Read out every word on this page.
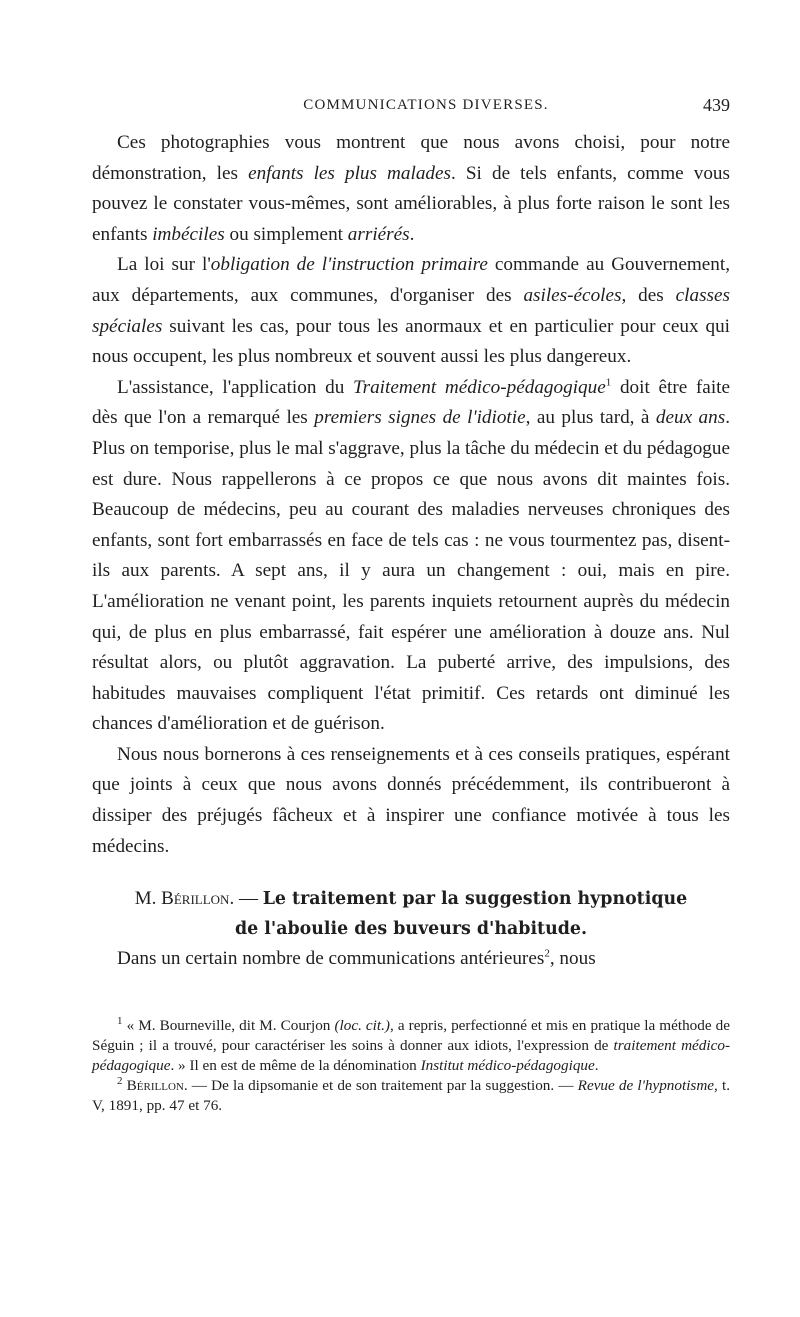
COMMUNICATIONS DIVERSES.	439

Ces photographies vous montrent que nous avons choisi, pour notre démonstration, les enfants les plus malades. Si de tels enfants, comme vous pouvez le constater vous-mêmes, sont améliorables, à plus forte raison le sont les enfants imbéciles ou simplement arriérés.

La loi sur l'obligation de l'instruction primaire commande au Gouvernement, aux départements, aux communes, d'organiser des asiles-écoles, des classes spéciales suivant les cas, pour tous les anormaux et en particulier pour ceux qui nous occupent, les plus nombreux et souvent aussi les plus dangereux.

L'assistance, l'application du Traitement médico-pédagogique$^1$ doit être faite dès que l'on a remarqué les premiers signes de l'idiotie, au plus tard, à deux ans. Plus on temporise, plus le mal s'aggrave, plus la tâche du médecin et du pédagogue est dure. Nous rappellerons à ce propos ce que nous avons dit maintes fois. Beaucoup de médecins, peu au courant des maladies nerveuses chroniques des enfants, sont fort embarrassés en face de tels cas : ne vous tourmentez pas, disent-ils aux parents. A sept ans, il y aura un changement : oui, mais en pire. L'amélioration ne venant point, les parents inquiets retournent auprès du médecin qui, de plus en plus embarrassé, fait espérer une amélioration à douze ans. Nul résultat alors, ou plutôt aggravation. La puberté arrive, des impulsions, des habitudes mauvaises compliquent l'état primitif. Ces retards ont diminué les chances d'amélioration et de guérison.

Nous nous bornerons à ces renseignements et à ces conseils pratiques, espérant que joints à ceux que nous avons donnés précédemment, ils contribueront à dissiper des préjugés fâcheux et à inspirer une confiance motivée à tous les médecins.

M. Bérillon. — Le traitement par la suggestion hypnotique
de l'aboulie des buveurs d'habitude.

Dans un certain nombre de communications antérieures$^2$, nous

$^1$ « M. Bourneville, dit M. Courjon (loc. cit.), a repris, perfectionné et mis en pratique la méthode de Séguin ; il a trouvé, pour caractériser les soins à donner aux idiots, l'expression de traitement médico-pédagogique. » Il en est de même de la dénomination Institut médico-pédagogique.

$^2$ Bérillon. — De la dipsomanie et de son traitement par la suggestion. — Revue de l'hypnotisme, t. V, 1891, pp. 47 et 76.
